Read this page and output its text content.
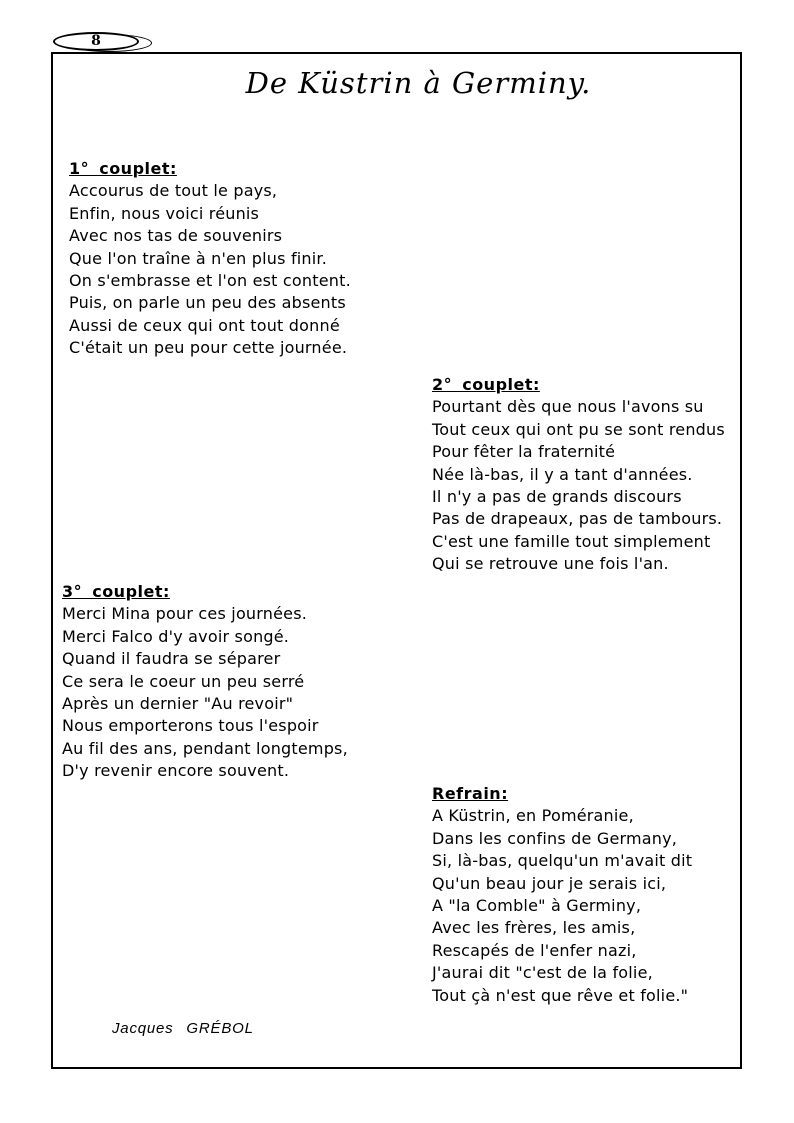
8
De Küstrin à Germiny.
1° couplet:
Accourus de tout le pays,
Enfin, nous voici réunis
Avec nos tas de souvenirs
Que l'on traîne à n'en plus finir.
On s'embrasse et l'on est content.
Puis, on parle un peu des absents
Aussi de ceux qui ont tout donné
C'était un peu pour cette journée.
2° couplet:
Pourtant dès que nous l'avons su
Tout ceux qui ont pu se sont rendus
Pour fêter la fraternité
Née là-bas, il y a tant d'années.
Il n'y a pas de grands discours
Pas de drapeaux, pas de tambours.
C'est une famille tout simplement
Qui se retrouve une fois l'an.
3° couplet:
Merci Mina pour ces journées.
Merci Falco d'y avoir songé.
Quand il faudra se séparer
Ce sera le coeur un peu serré
Après un dernier "Au revoir"
Nous emporterons tous l'espoir
Au fil des ans, pendant longtemps,
D'y revenir encore souvent.
Refrain:
A Küstrin, en Poméranie,
Dans les confins de Germany,
Si, là-bas, quelqu'un m'avait dit
Qu'un beau jour je serais ici,
A "la Comble" à Germiny,
Avec les frères, les amis,
Rescapés de l'enfer nazi,
J'aurai dit "c'est de la folie,
Tout çà n'est que rêve et folie."
Jacques GRÉBOL
